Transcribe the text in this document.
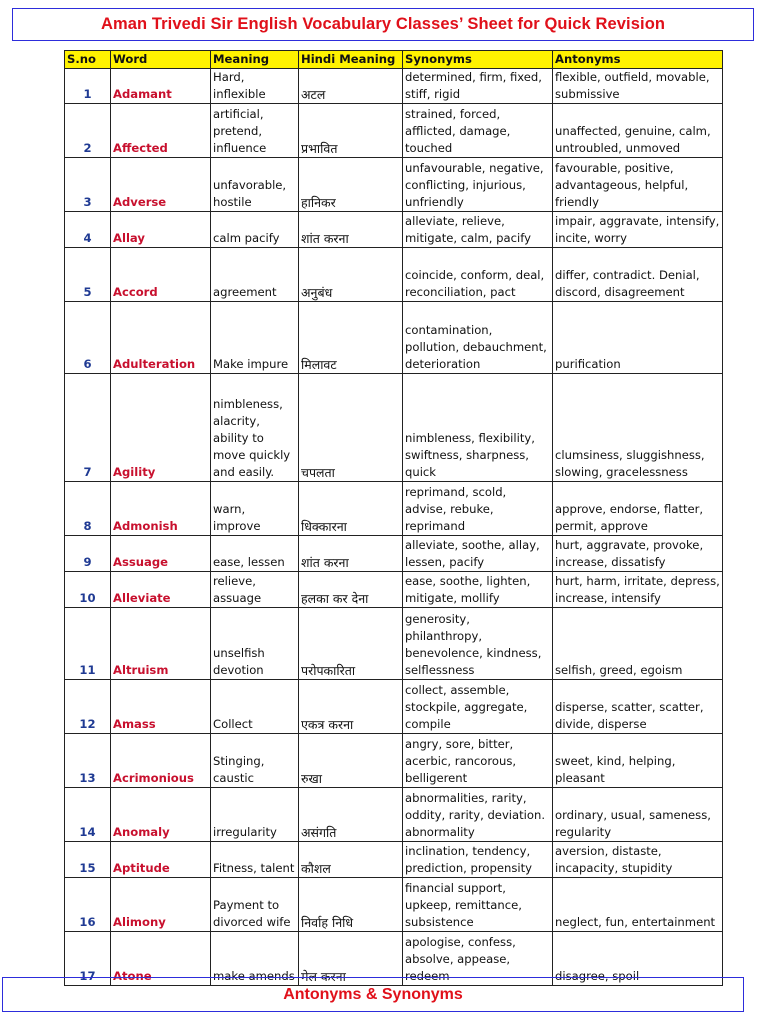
Aman Trivedi Sir English Vocabulary Classes’ Sheet for Quick Revision
S.no	Word	Meaning	Hindi Meaning	Synonyms	Antonyms
1	Adamant	Hard, inflexible	अटल	determined, firm, fixed, stiff, rigid	flexible, outfield, movable, submissive
2	Affected	artificial, pretend, influence	प्रभावित	strained, forced, afflicted, damage, touched	unaffected, genuine, calm, untroubled, unmoved
3	Adverse	unfavorable, hostile	हानिकर	unfavourable, negative, conflicting, injurious, unfriendly	favourable, positive, advantageous, helpful, friendly
4	Allay	calm pacify	शांत करना	alleviate, relieve, mitigate, calm, pacify	impair, aggravate, intensify, incite, worry
5	Accord	agreement	अनुबंध	coincide, conform, deal, reconciliation, pact	differ, contradict. Denial, discord, disagreement
6	Adulteration	Make impure	मिलावट	contamination, pollution, debauchment, deterioration	purification
7	Agility	nimbleness, alacrity, ability to move quickly and easily.	चपलता	nimbleness, flexibility, swiftness, sharpness, quick	clumsiness, sluggishness, slowing, gracelessness
8	Admonish	warn, improve	धिक्कारना	reprimand, scold, advise, rebuke, reprimand	approve, endorse, flatter, permit, approve
9	Assuage	ease, lessen	शांत करना	alleviate, soothe, allay, lessen, pacify	hurt, aggravate, provoke, increase, dissatisfy
10	Alleviate	relieve, assuage	हलका कर देना	ease, soothe, lighten, mitigate, mollify	hurt, harm, irritate, depress, increase, intensify
11	Altruism	unselfish devotion	परोपकारिता	generosity, philanthropy, benevolence, kindness, selflessness	selfish, greed, egoism
12	Amass	Collect	एकत्र करना	collect, assemble, stockpile, aggregate, compile	disperse, scatter, scatter, divide, disperse
13	Acrimonious	Stinging, caustic	रुखा	angry, sore, bitter, acerbic, rancorous, belligerent	sweet, kind, helping, pleasant
14	Anomaly	irregularity	असंगति	abnormalities, rarity, oddity, rarity, deviation. abnormality	ordinary, usual, sameness, regularity
15	Aptitude	Fitness, talent	कौशल	inclination, tendency, prediction, propensity	aversion, distaste, incapacity, stupidity
16	Alimony	Payment to divorced wife	निर्वाह निधि	financial support, upkeep, remittance, subsistence	neglect, fun, entertainment
17	Atone	make amends	मेल करना	apologise, confess, absolve, appease, redeem	disagree, spoil
Antonyms & Synonyms
